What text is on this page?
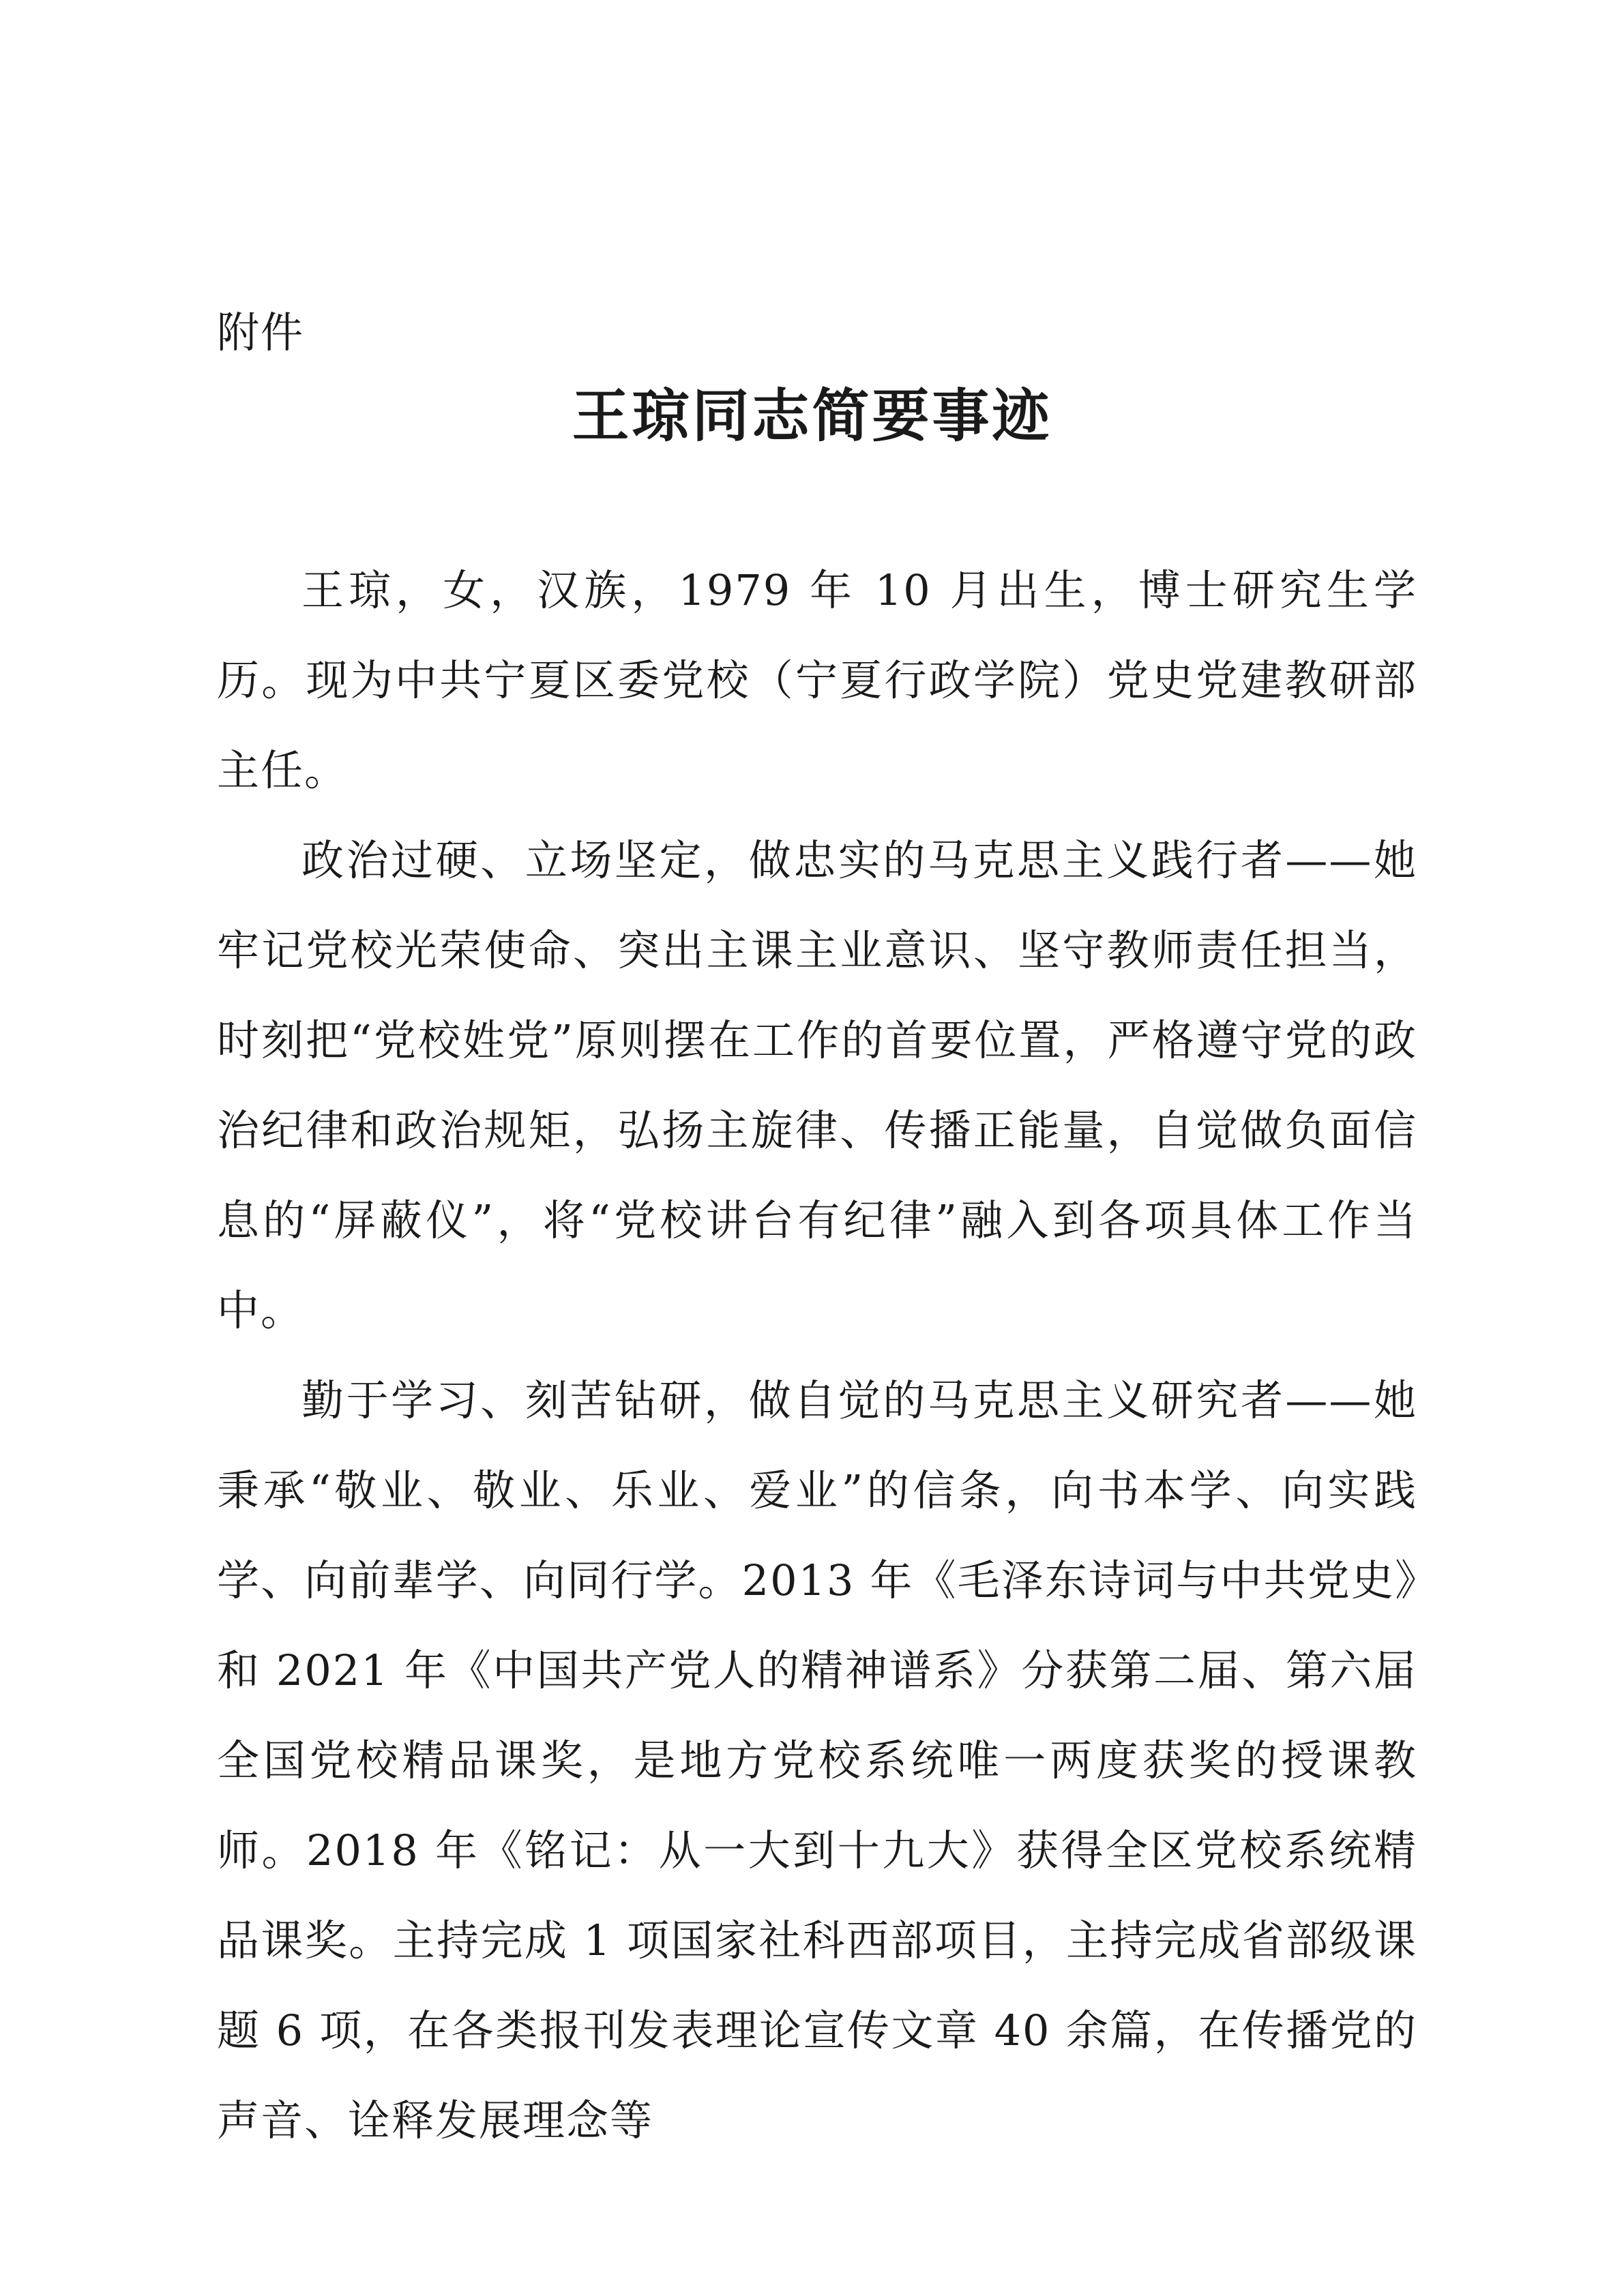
附件
王琼同志简要事迹

王琼，女，汉族，1979 年 10 月出生，博士研究生学历。现为中共宁夏区委党校（宁夏行政学院）党史党建教研部主任。

政治过硬、立场坚定，做忠实的马克思主义践行者——她牢记党校光荣使命、突出主课主业意识、坚守教师责任担当，时刻把“党校姓党”原则摆在工作的首要位置，严格遵守党的政治纪律和政治规矩，弘扬主旋律、传播正能量，自觉做负面信息的“屏蔽仪”，将“党校讲台有纪律”融入到各项具体工作当中。

勤于学习、刻苦钻研，做自觉的马克思主义研究者——她秉承“敬业、敬业、乐业、爱业”的信条，向书本学、向实践学、向前辈学、向同行学。2013 年《毛泽东诗词与中共党史》和 2021 年《中国共产党人的精神谱系》分获第二届、第六届全国党校精品课奖，是地方党校系统唯一两度获奖的授课教师。2018 年《铭记：从一大到十九大》获得全区党校系统精品课奖。主持完成 1 项国家社科西部项目，主持完成省部级课题 6 项，在各类报刊发表理论宣传文章 40 余篇，在传播党的声音、诠释发展理念等
